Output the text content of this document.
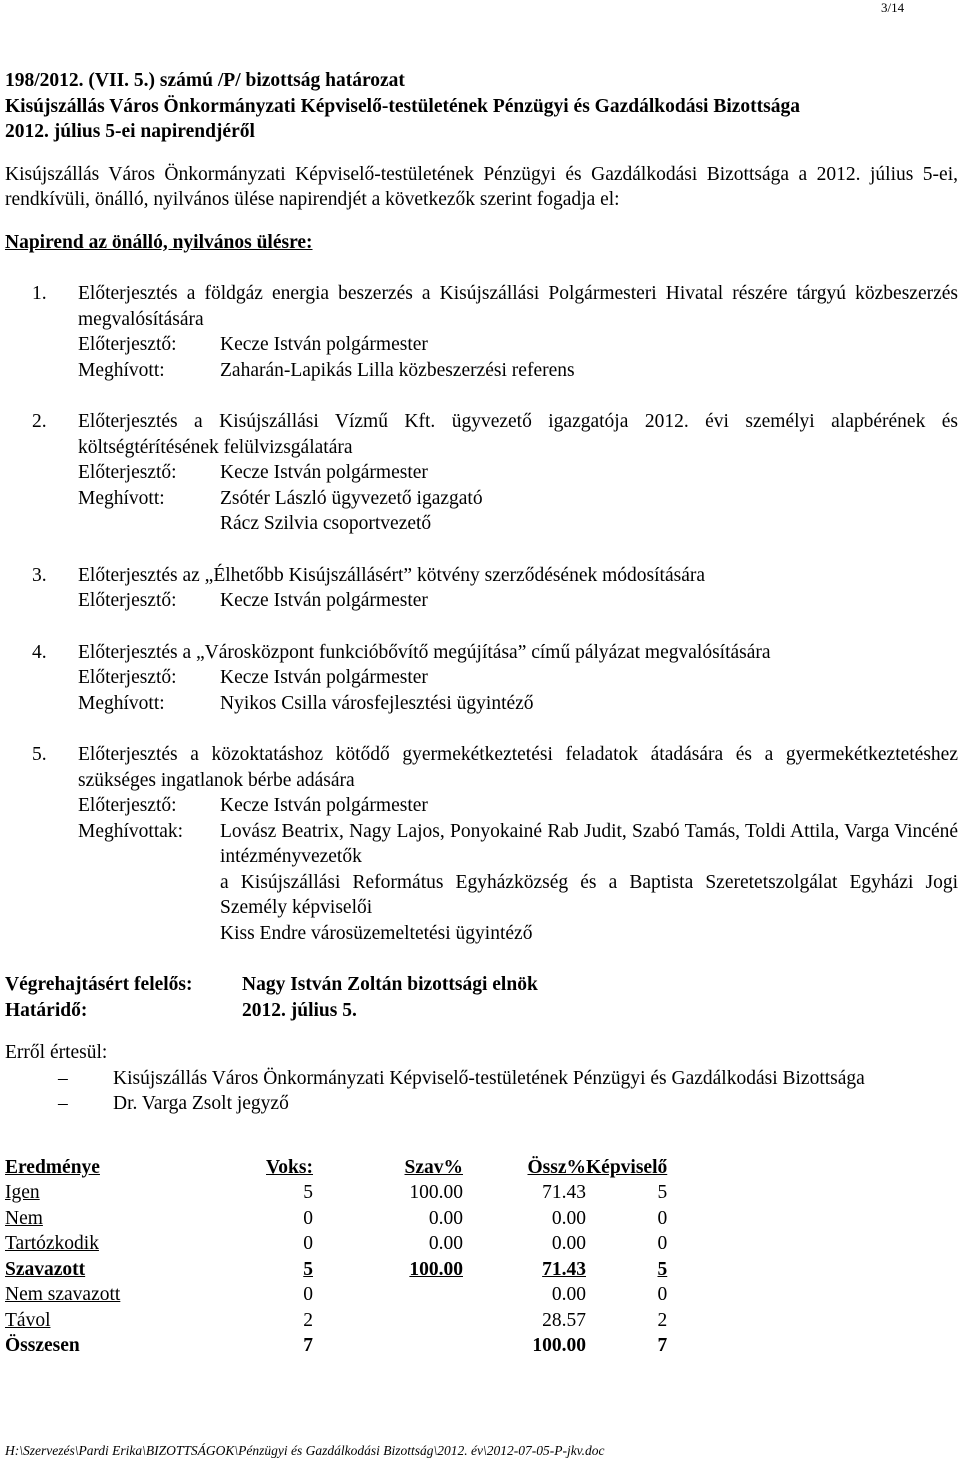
3/14

198/2012. (VII. 5.) számú /P/ bizottság határozat

Kisújszállás Város Önkormányzati Képviselő-testületének Pénzügyi és Gazdálkodási Bizottsága

2012. július 5-ei napirendjéről

Kisújszállás Város Önkormányzati Képviselő-testületének Pénzügyi és Gazdálkodási Bizottsága a 2012. július 5-ei, rendkívüli, önálló, nyilvános ülése napirendjét a következők szerint fogadja el:
Napirend az önálló, nyilvános ülésre:
1. Előterjesztés a földgáz energia beszerzés a Kisújszállási Polgármesteri Hivatal részére tárgyú közbeszerzés megvalósítására
Előterjesztő:	Kecze István polgármester
Meghívott:	Zaharán-Lapikás Lilla közbeszerzési referens
2. Előterjesztés a Kisújszállási Vízmű Kft. ügyvezető igazgatója 2012. évi személyi alapbérének és költségtérítésének felülvizsgálatára
Előterjesztő:	Kecze István polgármester
Meghívott:	Zsótér László ügyvezető igazgató
Rácz Szilvia csoportvezető
3. Előterjesztés az „Élhetőbb Kisújszállásért” kötvény szerződésének módosítására
Előterjesztő:	Kecze István polgármester
4. Előterjesztés a „Városközpont funkcióbővítő megújítása” című pályázat megvalósítására
Előterjesztő:	Kecze István polgármester
Meghívott:	Nyikos Csilla városfejlesztési ügyintéző
5. Előterjesztés a közoktatáshoz kötődő gyermekétkeztetési feladatok átadására és a gyermekétkeztetéshez szükséges ingatlanok bérbe adására
Előterjesztő:	Kecze István polgármester
Meghívottak:	Lovász Beatrix, Nagy Lajos, Ponyokainé Rab Judit, Szabó Tamás, Toldi Attila, Varga Vincéné intézményvezetők
a Kisújszállási Református Egyházközség és a Baptista Szeretetszolgálat Egyházi Jogi Személy képviselői
Kiss Endre városüzemeltetési ügyintéző
Végrehajtásért felelős:	Nagy István Zoltán bizottsági elnök
Határidő:	2012. július 5.
Erről értesül:
– Kisújszállás Város Önkormányzati Képviselő-testületének Pénzügyi és Gazdálkodási Bizottsága
– Dr. Varga Zsolt jegyző
Eredménye	Voks:	Szav%	Össz%	Képviselő
Igen	5	100.00	71.43	5
Nem	0	0.00	0.00	0
Tartózkodik	0	0.00	0.00	0
Szavazott	5	100.00	71.43	5
Nem szavazott	0		0.00	0
Távol	2		28.57	2
Összesen	7		100.00	7
H:\Szervezés\Pardi Erika\BIZOTTSÁGOK\Pénzügyi és Gazdálkodási Bizottság\2012. év\2012-07-05-P-jkv.doc
